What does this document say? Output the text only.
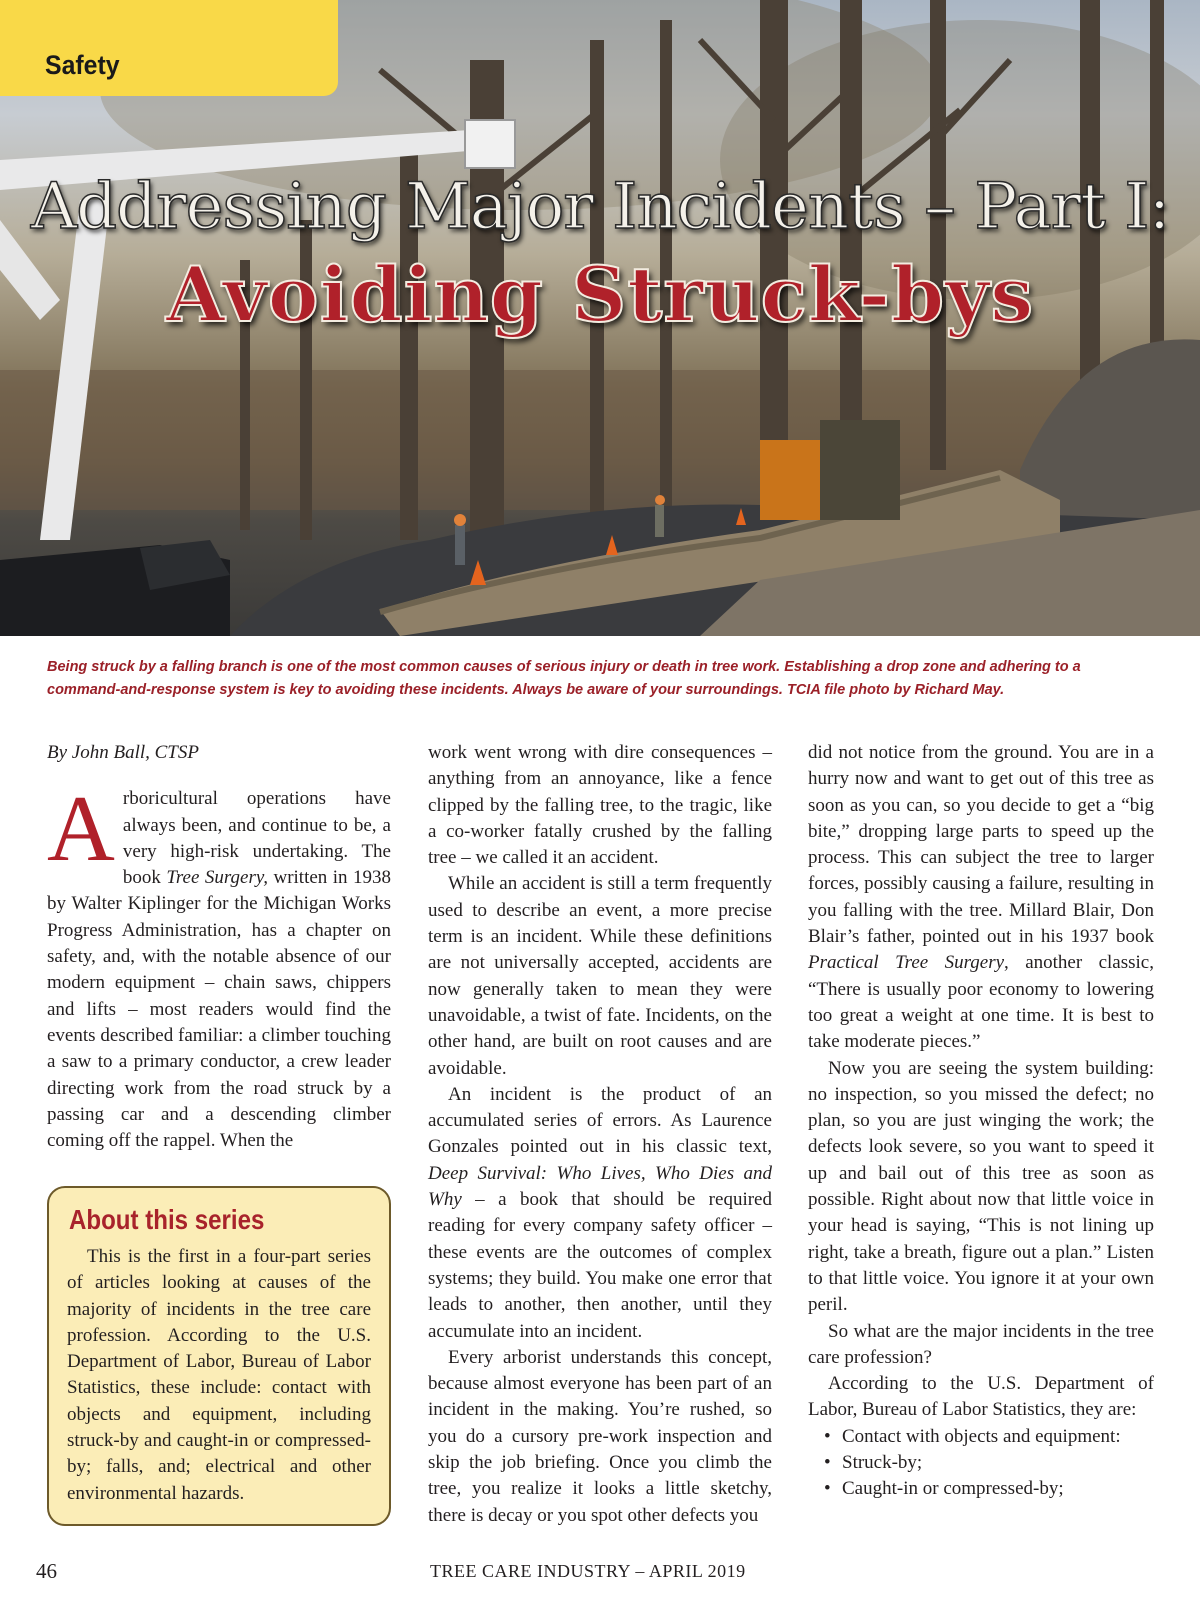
Safety
Addressing Major Incidents – Part I:
Avoiding Struck-bys
Being struck by a falling branch is one of the most common causes of serious injury or death in tree work. Establishing a drop zone and adhering to a command-and-response system is key to avoiding these incidents. Always be aware of your surroundings. TCIA file photo by Richard May.

By John Ball, CTSP

Arboricultural operations have always been, and continue to be, a very high-risk undertaking. The book Tree Surgery, written in 1938 by Walter Kiplinger for the Michigan Works Progress Administration, has a chapter on safety, and, with the notable absence of our modern equipment – chain saws, chippers and lifts – most readers would find the events described familiar: a climber touching a saw to a primary conductor, a crew leader directing work from the road struck by a passing car and a descending climber coming off the rappel. When the

About this series

This is the first in a four-part series of articles looking at causes of the majority of incidents in the tree care profession. According to the U.S. Department of Labor, Bureau of Labor Statistics, these include: contact with objects and equipment, including struck-by and caught-in or compressed-by; falls, and; electrical and other environmental hazards.

work went wrong with dire consequences – anything from an annoyance, like a fence clipped by the falling tree, to the tragic, like a co-worker fatally crushed by the falling tree – we called it an accident.

While an accident is still a term frequently used to describe an event, a more precise term is an incident. While these definitions are not universally accepted, accidents are now generally taken to mean they were unavoidable, a twist of fate. Incidents, on the other hand, are built on root causes and are avoidable.

An incident is the product of an accumulated series of errors. As Laurence Gonzales pointed out in his classic text, Deep Survival: Who Lives, Who Dies and Why – a book that should be required reading for every company safety officer – these events are the outcomes of complex systems; they build. You make one error that leads to another, then another, until they accumulate into an incident.

Every arborist understands this concept, because almost everyone has been part of an incident in the making. You’re rushed, so you do a cursory pre-work inspection and skip the job briefing. Once you climb the tree, you realize it looks a little sketchy, there is decay or you spot other defects you

did not notice from the ground. You are in a hurry now and want to get out of this tree as soon as you can, so you decide to get a “big bite,” dropping large parts to speed up the process. This can subject the tree to larger forces, possibly causing a failure, resulting in you falling with the tree. Millard Blair, Don Blair’s father, pointed out in his 1937 book Practical Tree Surgery, another classic, “There is usually poor economy to lowering too great a weight at one time. It is best to take moderate pieces.”

Now you are seeing the system building: no inspection, so you missed the defect; no plan, so you are just winging the work; the defects look severe, so you want to speed it up and bail out of this tree as soon as possible. Right about now that little voice in your head is saying, “This is not lining up right, take a breath, figure out a plan.” Listen to that little voice. You ignore it at your own peril.

So what are the major incidents in the tree care profession?

According to the U.S. Department of Labor, Bureau of Labor Statistics, they are:

• Contact with objects and equipment:
• Struck-by;
• Caught-in or compressed-by;
46	TREE CARE INDUSTRY – APRIL 2019
